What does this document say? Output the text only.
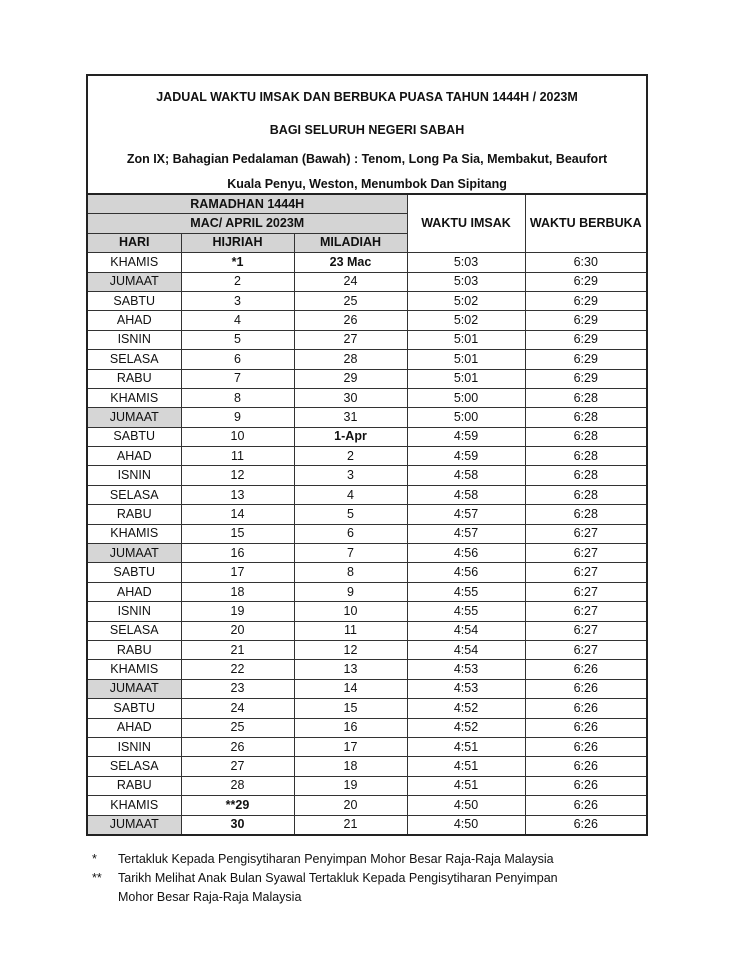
JADUAL WAKTU IMSAK DAN BERBUKA PUASA TAHUN 1444H / 2023M
BAGI SELURUH NEGERI SABAH
Zon IX; Bahagian Pedalaman (Bawah) : Tenom, Long Pa Sia, Membakut, Beaufort
Kuala Penyu, Weston, Menumbok Dan Sipitang				

RAMADHAN 1444H			WAKTU IMSAK	WAKTU BERBUKA
MAC/ APRIL 2023M				
HARI	HIJRIAH	MILADIAH		
KHAMIS	*1	23 Mac	5:03	6:30
JUMAAT	2	24	5:03	6:29
SABTU	3	25	5:02	6:29
AHAD	4	26	5:02	6:29
ISNIN	5	27	5:01	6:29
SELASA	6	28	5:01	6:29
RABU	7	29	5:01	6:29
KHAMIS	8	30	5:00	6:28
JUMAAT	9	31	5:00	6:28
SABTU	10	1-Apr	4:59	6:28
AHAD	11	2	4:59	6:28
ISNIN	12	3	4:58	6:28
SELASA	13	4	4:58	6:28
RABU	14	5	4:57	6:28
KHAMIS	15	6	4:57	6:27
JUMAAT	16	7	4:56	6:27
SABTU	17	8	4:56	6:27
AHAD	18	9	4:55	6:27
ISNIN	19	10	4:55	6:27
SELASA	20	11	4:54	6:27
RABU	21	12	4:54	6:27
KHAMIS	22	13	4:53	6:26
JUMAAT	23	14	4:53	6:26
SABTU	24	15	4:52	6:26
AHAD	25	16	4:52	6:26
ISNIN	26	17	4:51	6:26
SELASA	27	18	4:51	6:26
RABU	28	19	4:51	6:26
KHAMIS	**29	20	4:50	6:26
JUMAAT	30	21	4:50	6:26
*	Tertakluk Kepada Pengisytiharan Penyimpan Mohor Besar Raja-Raja Malaysia
**	Tarikh Melihat Anak Bulan Syawal Tertakluk Kepada Pengisytiharan Penyimpan
Mohor Besar Raja-Raja Malaysia
